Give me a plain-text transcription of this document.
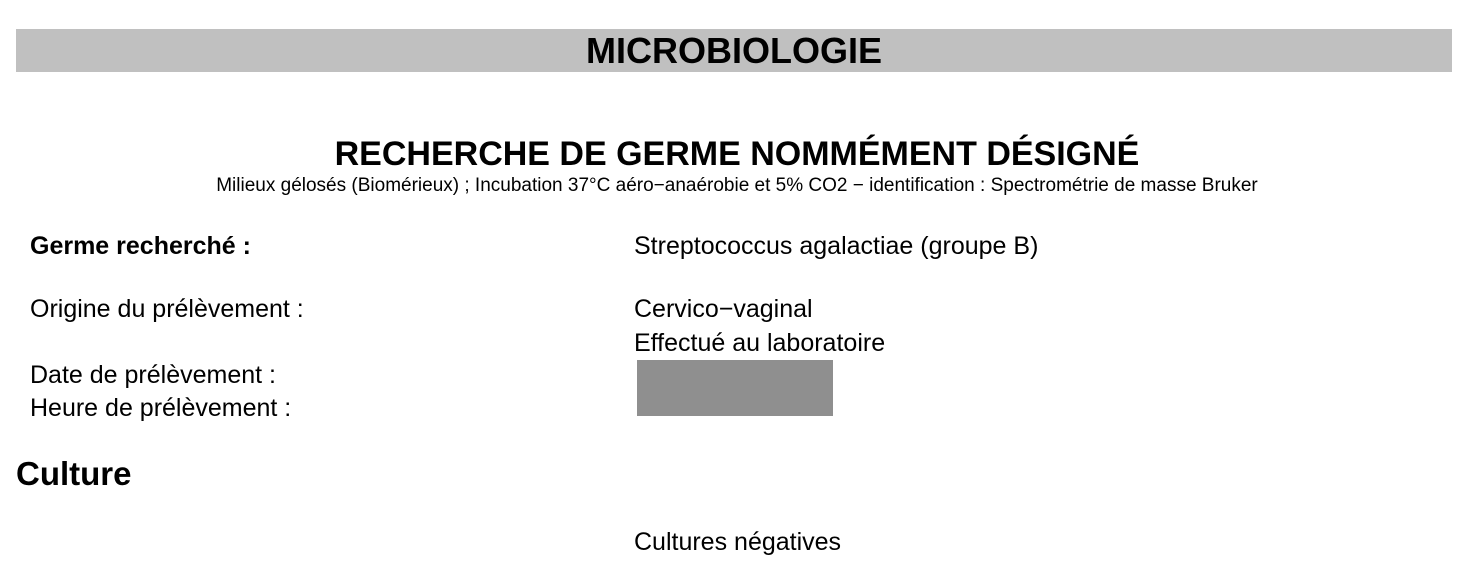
MICROBIOLOGIE
RECHERCHE DE GERME NOMMÉMENT DÉSIGNÉ
Milieux gélosés (Biomérieux) ; Incubation 37°C aéro−anaérobie et 5% CO2 − identification : Spectrométrie de masse Bruker
Germe recherché :	Streptococcus agalactiae (groupe B)
Origine du prélèvement :	Cervico−vaginal
Effectué au laboratoire
Date de prélèvement :
Heure de prélèvement :
Culture
Cultures négatives
